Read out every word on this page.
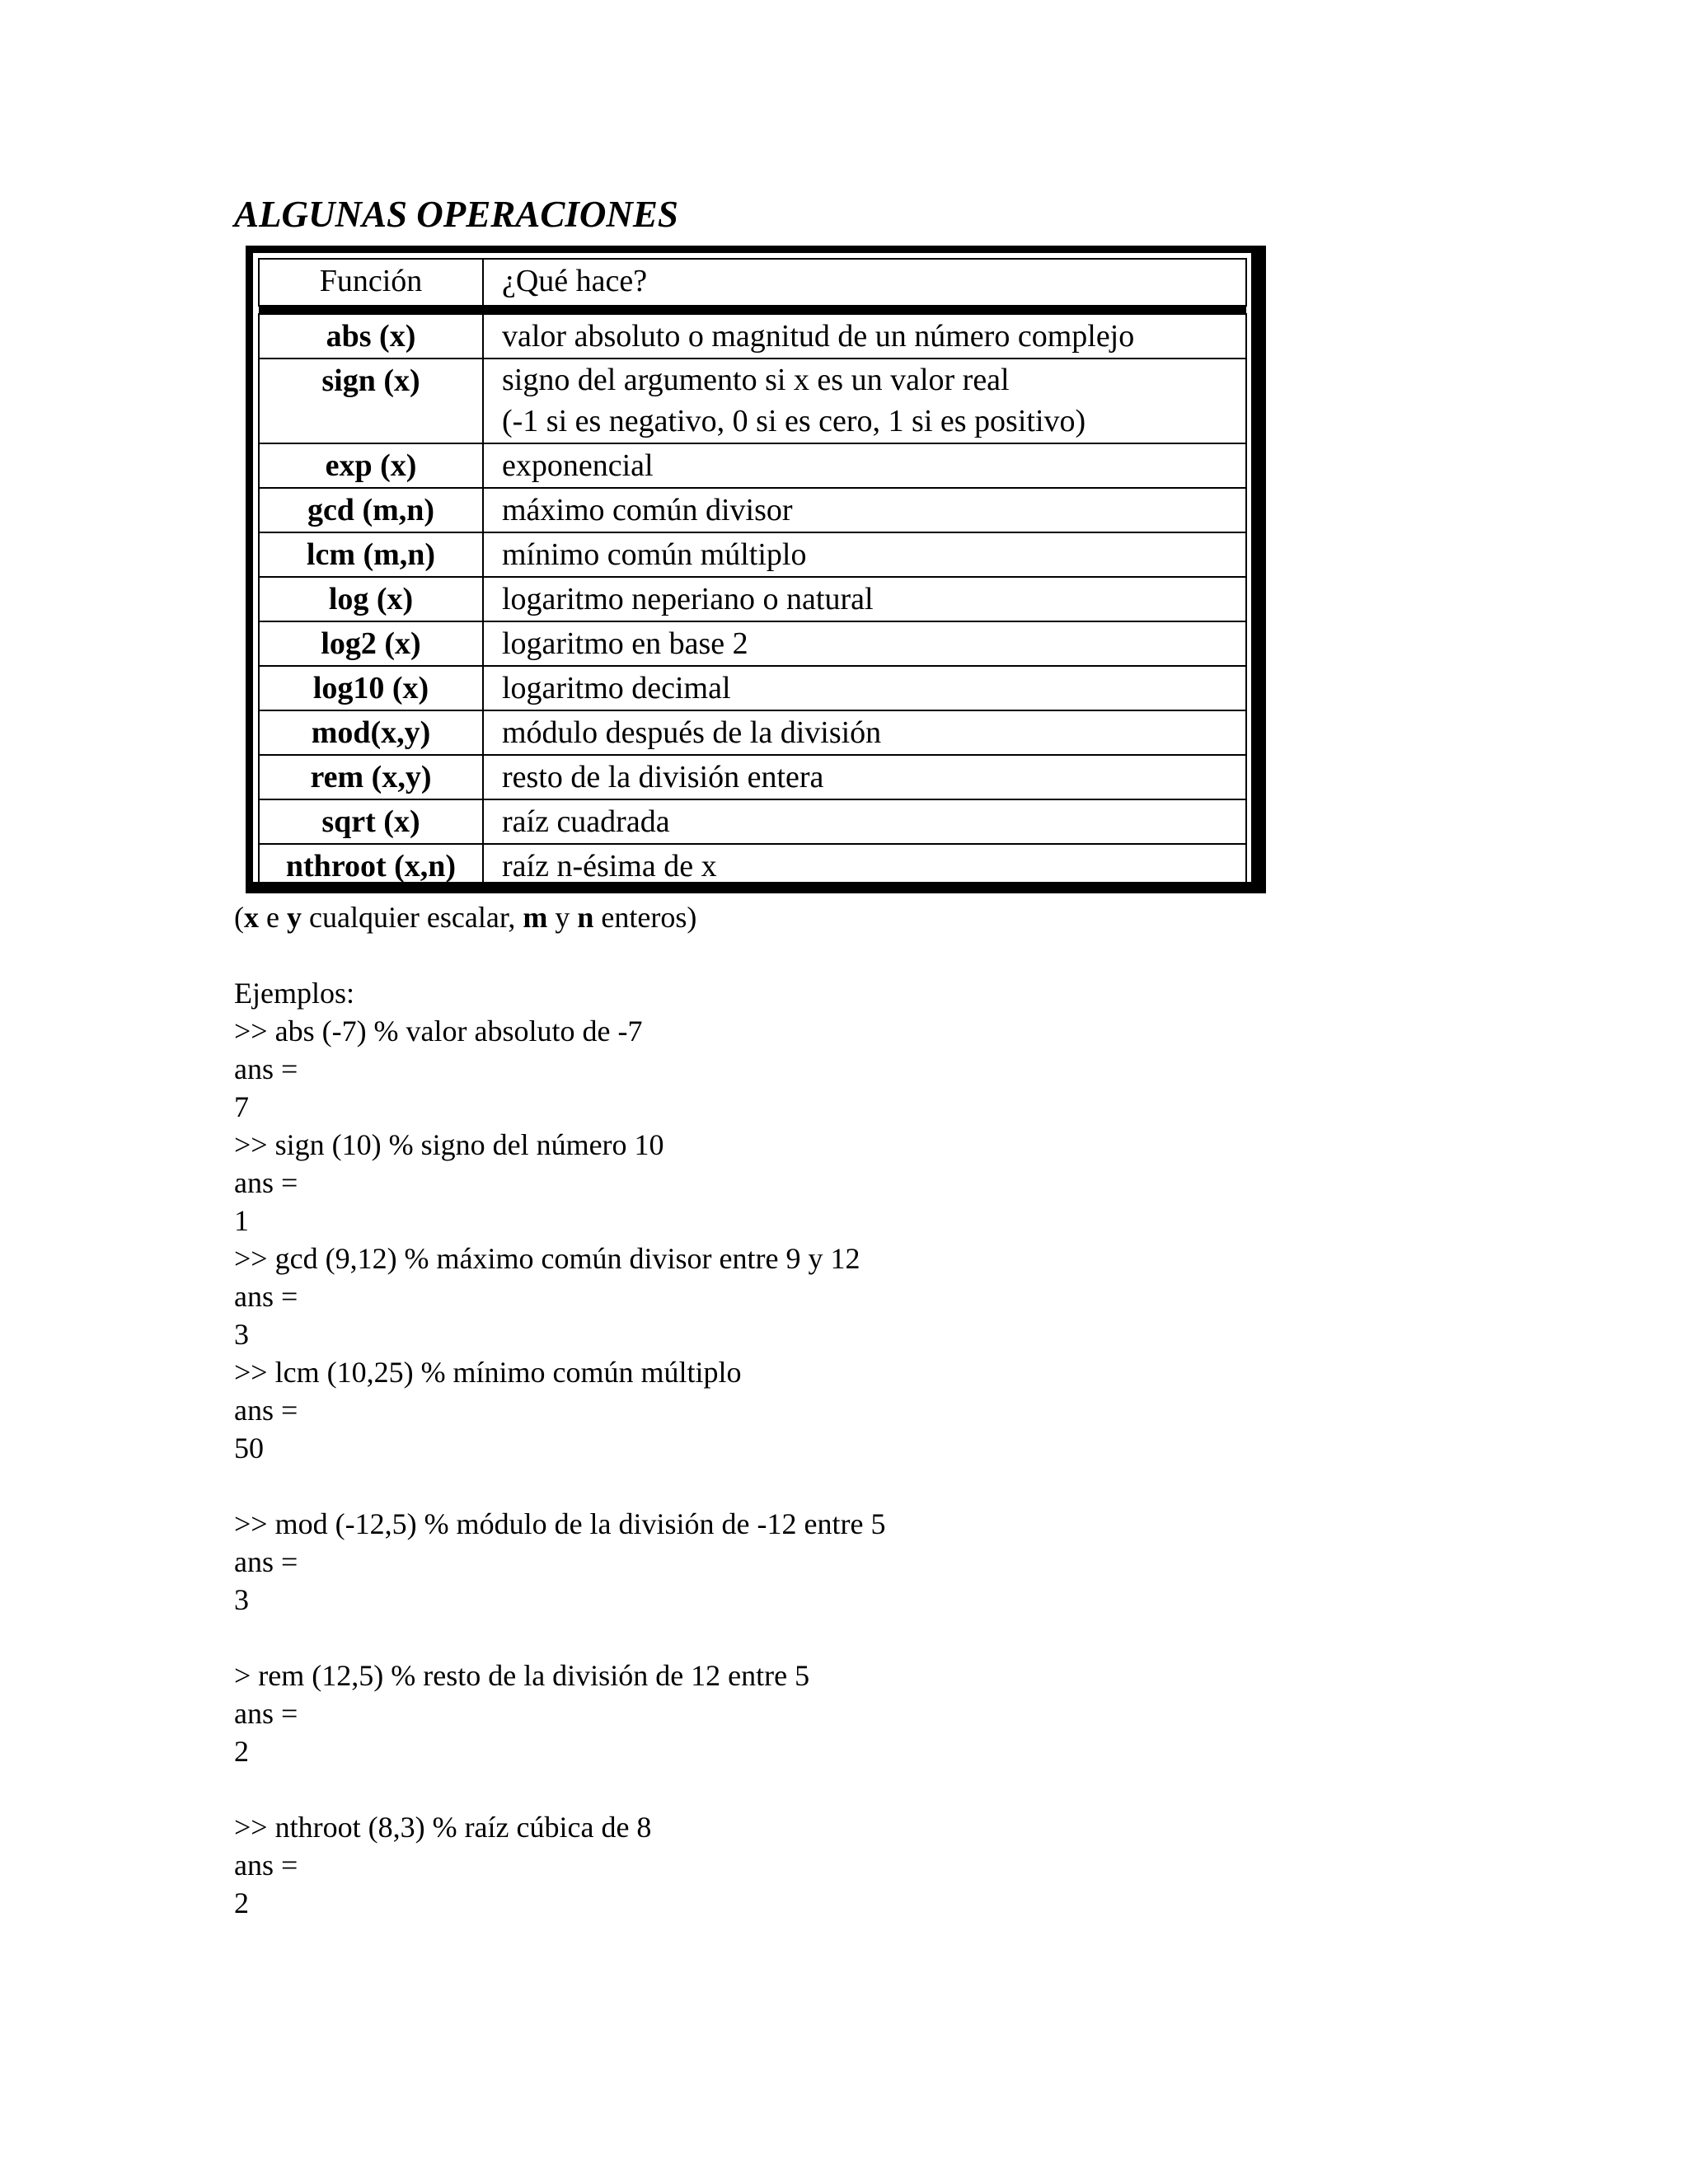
ALGUNAS OPERACIONES
Función	¿Qué hace?

abs (x)	valor absoluto o magnitud de un número complejo
sign (x)	signo del argumento si x es un valor real
(-1 si es negativo, 0 si es cero, 1 si es positivo)

exp (x)	exponencial
gcd (m,n)	máximo común divisor
lcm (m,n)	mínimo común múltiplo
log (x)	logaritmo neperiano o natural
log2 (x)	logaritmo en base 2
log10 (x)	logaritmo decimal
mod(x,y)	módulo después de la división
rem (x,y)	resto de la división entera
sqrt (x)	raíz cuadrada
nthroot (x,n)	raíz n-ésima de x
(x e y cualquier escalar, m y n enteros)
Ejemplos:
>> abs (-7) % valor absoluto de -7
ans =
7
>> sign (10) % signo del número 10
ans =
1
>> gcd (9,12) % máximo común divisor entre 9 y 12
ans =
3
>> lcm (10,25) % mínimo común múltiplo
ans =
50
>> mod (-12,5) % módulo de la división de -12 entre 5
ans =
3
> rem (12,5) % resto de la división de 12 entre 5
ans =
2
>> nthroot (8,3) % raíz cúbica de 8
ans =
2
